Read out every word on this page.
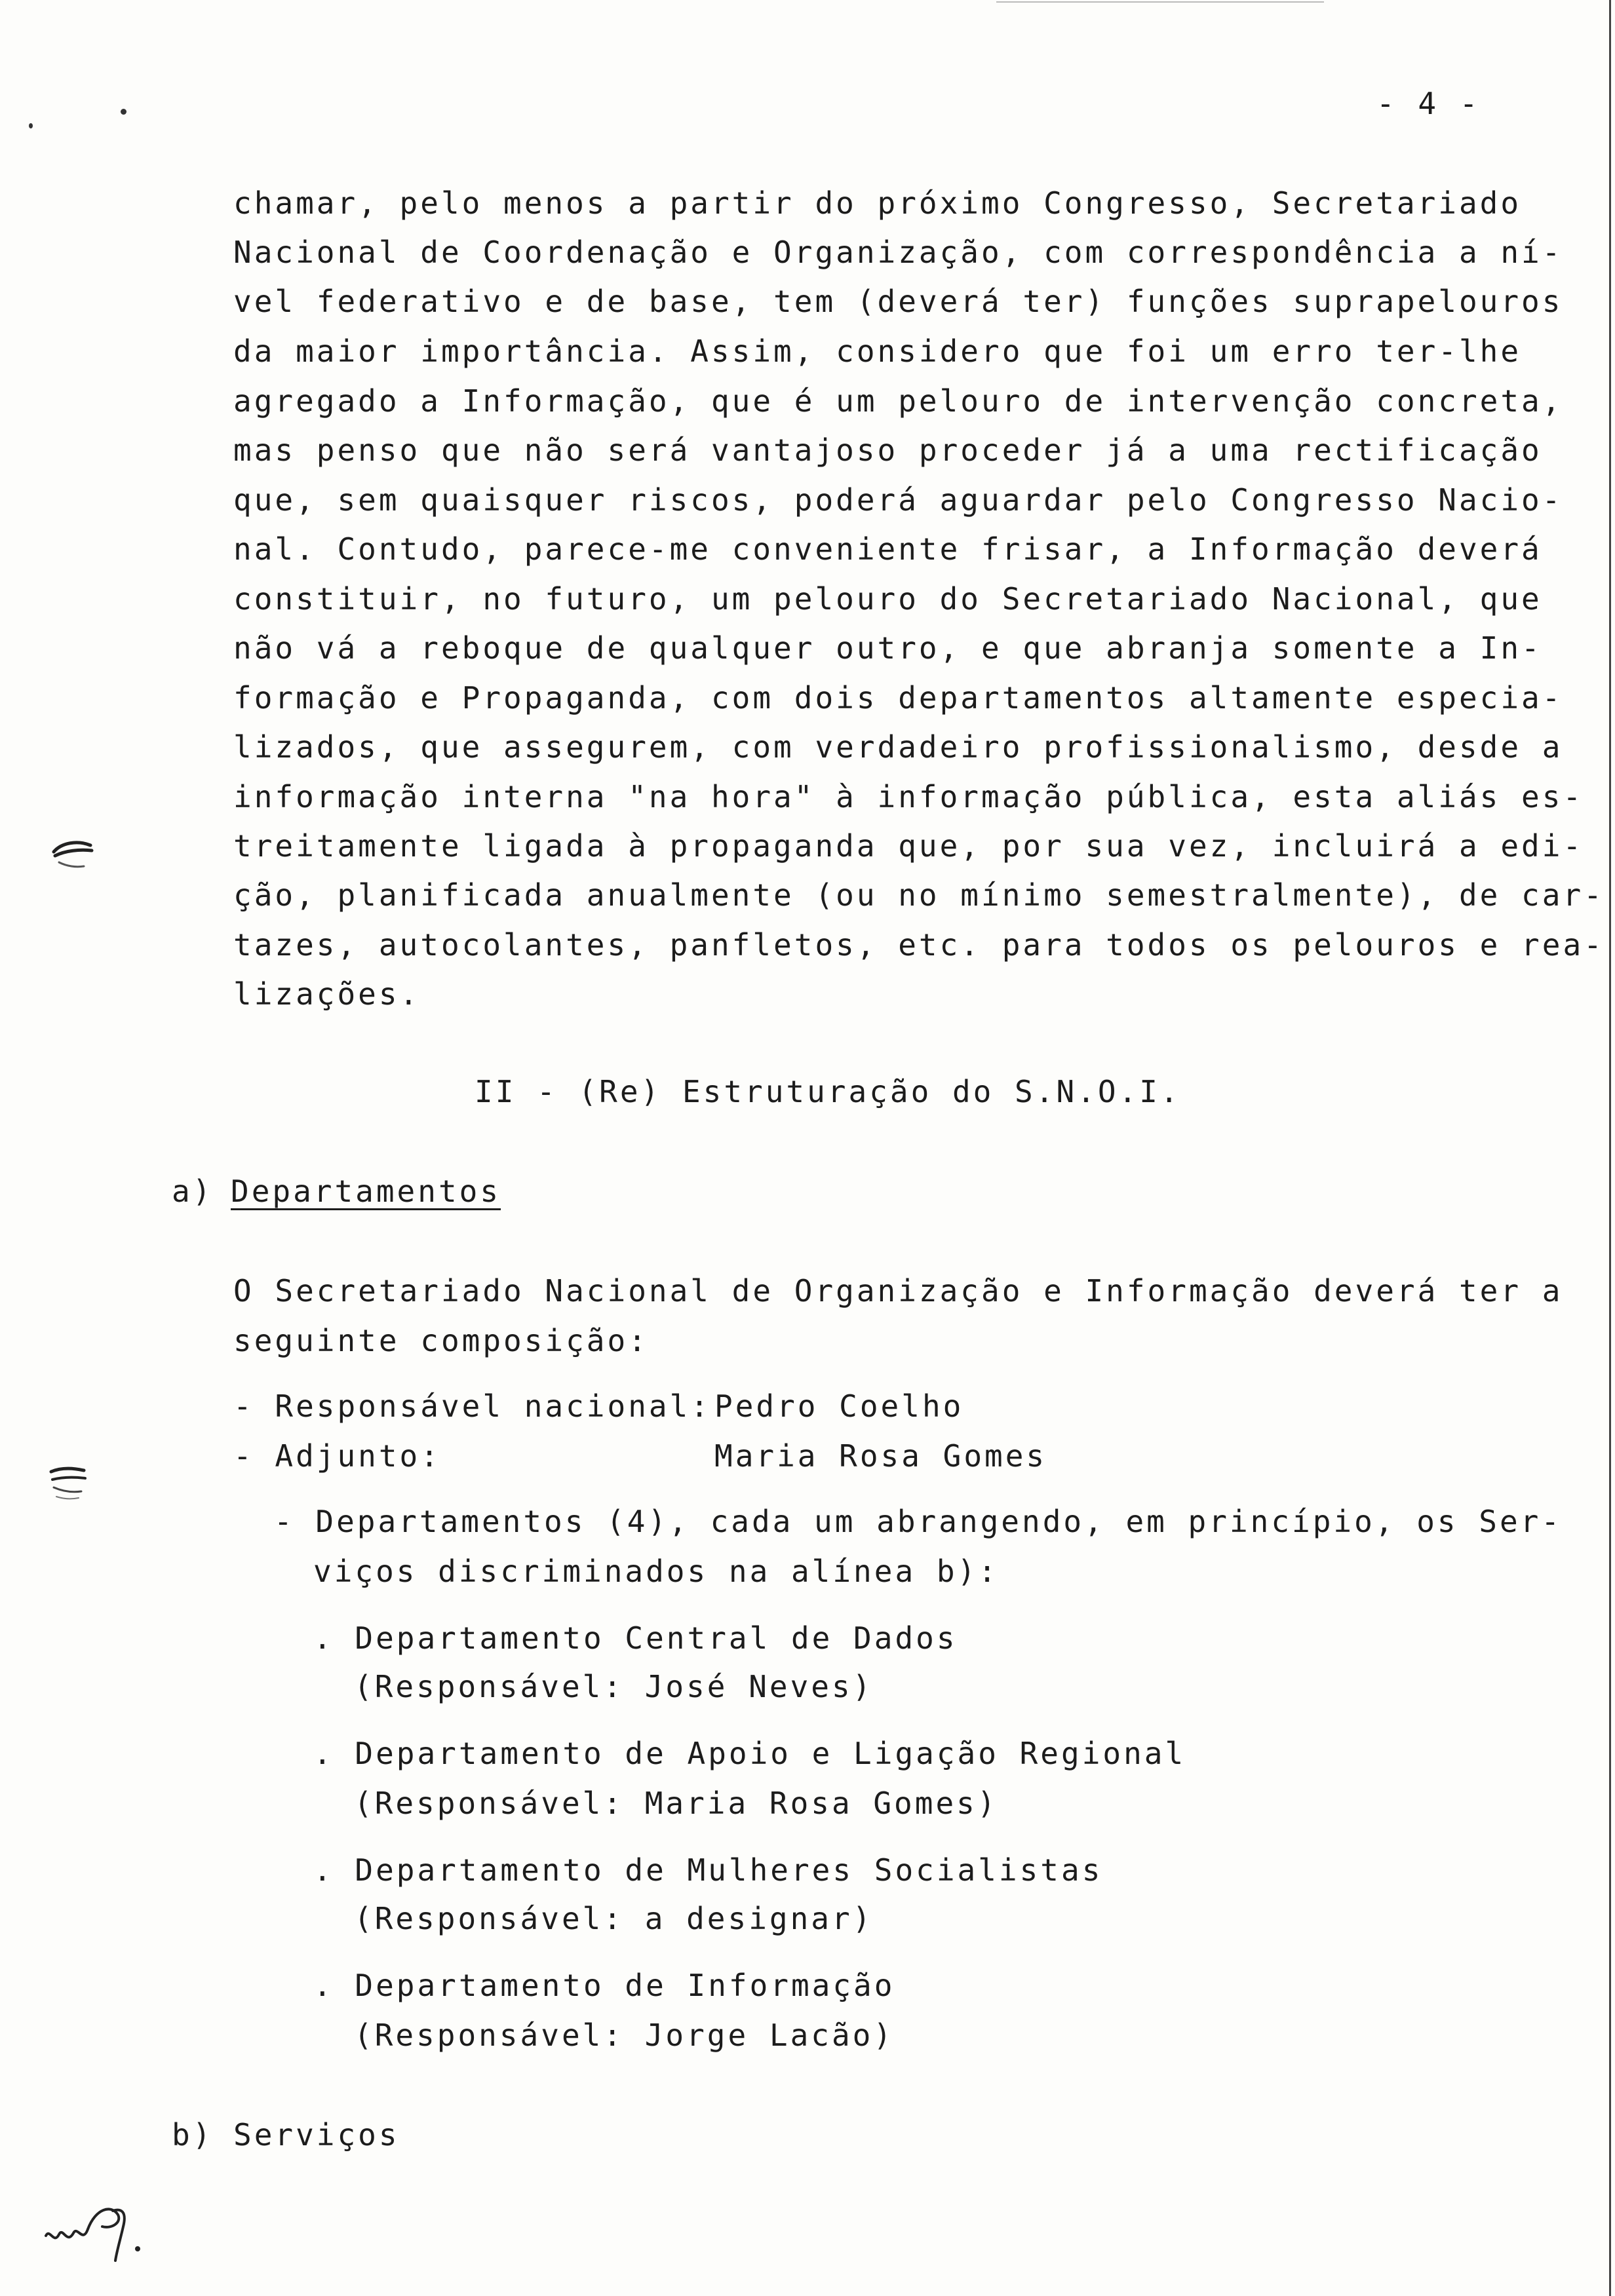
- 4 -
chamar, pelo menos a partir do próximo Congresso, Secretariado
Nacional de Coordenação e Organização, com correspondência a ní-
vel federativo e de base, tem (deverá ter) funções suprapelouros
da maior importância. Assim, considero que foi um erro ter-lhe
agregado a Informação, que é um pelouro de intervenção concreta,
mas penso que não será vantajoso proceder já a uma rectificação
que, sem quaisquer riscos, poderá aguardar pelo Congresso Nacio-
nal. Contudo, parece-me conveniente frisar, a Informação deverá
constituir, no futuro, um pelouro do Secretariado Nacional, que
não vá a reboque de qualquer outro, e que abranja somente a In-
formação e Propaganda, com dois departamentos altamente especia-
lizados, que assegurem, com verdadeiro profissionalismo, desde a
informação interna "na hora" à informação pública, esta aliás es-
treitamente ligada à propaganda que, por sua vez, incluirá a edi-
ção, planificada anualmente (ou no mínimo semestralmente), de car-
tazes, autocolantes, panfletos, etc. para todos os pelouros e rea-
lizações.
II - (Re) Estruturação do S.N.O.I.
a) Departamentos
O Secretariado Nacional de Organização e Informação deverá ter a
seguinte composição:
- Responsável nacional: Pedro Coelho
- Adjunto:	Maria Rosa Gomes
- Departamentos (4), cada um abrangendo, em princípio, os Ser-
viços discriminados na alínea b):
. Departamento Central de Dados
(Responsável: José Neves)
. Departamento de Apoio e Ligação Regional
(Responsável: Maria Rosa Gomes)
. Departamento de Mulheres Socialistas
(Responsável: a designar)
. Departamento de Informação
(Responsável: Jorge Lacão)
b) Serviços
